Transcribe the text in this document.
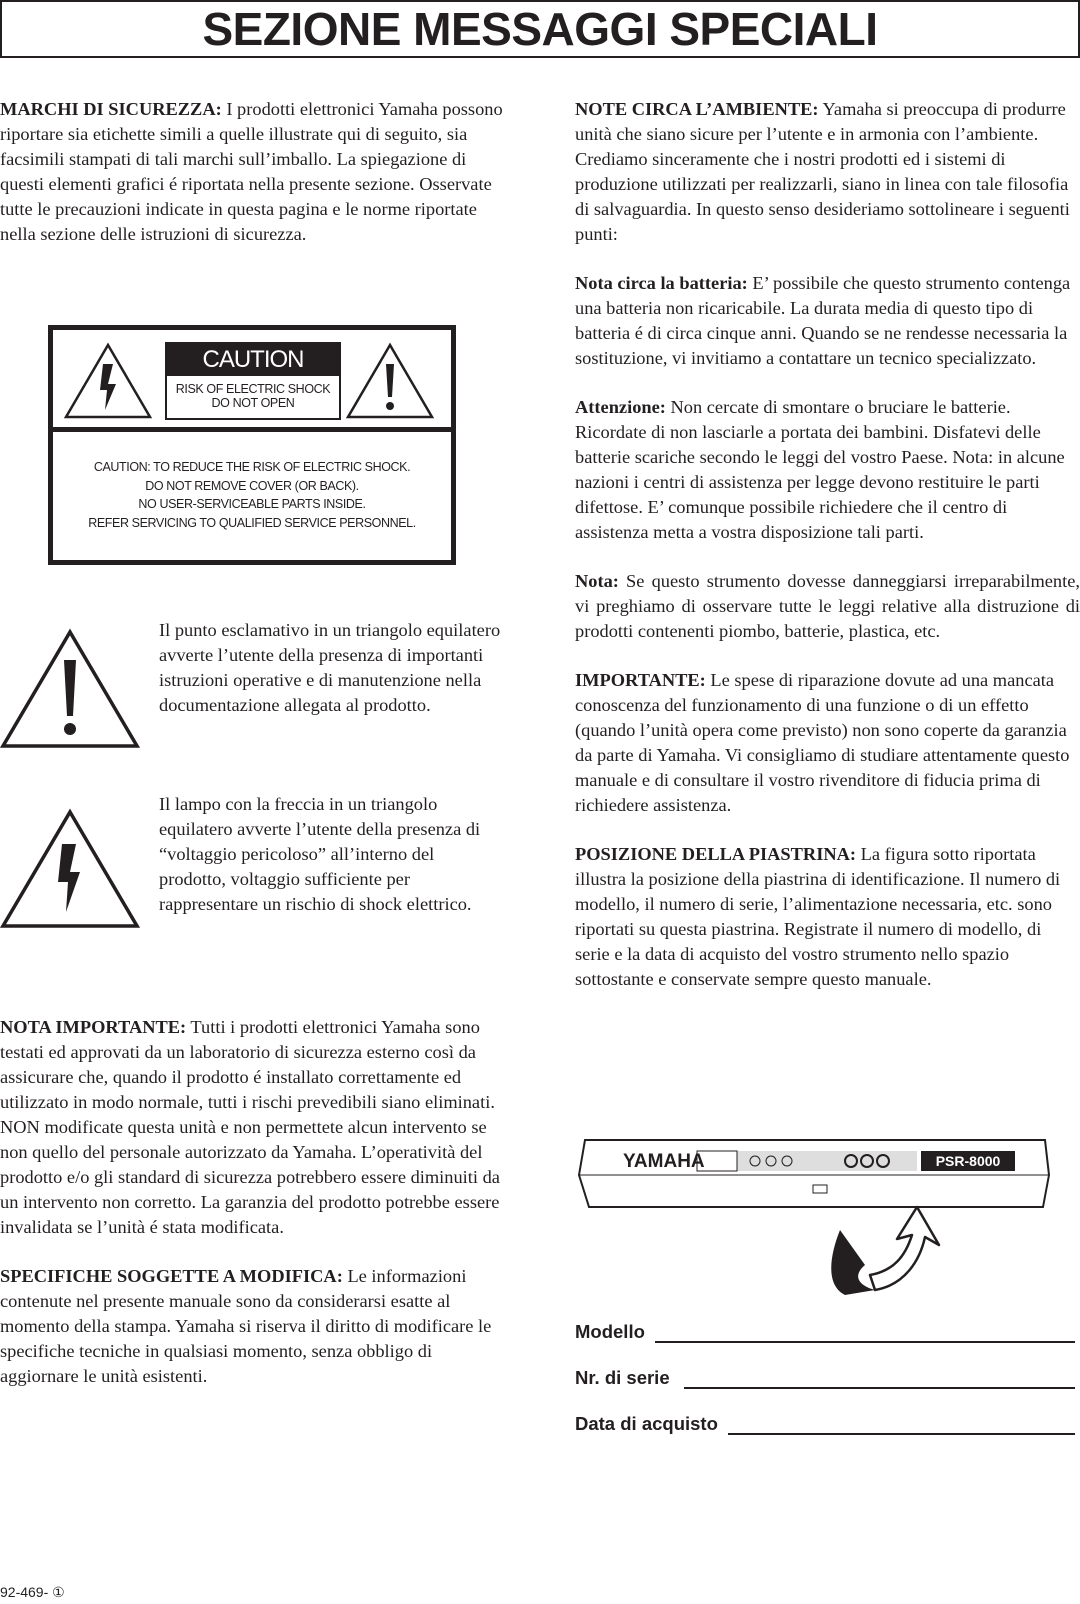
SEZIONE MESSAGGI SPECIALI

MARCHI DI SICUREZZA: I prodotti elettronici Yamaha possono riportare sia etichette simili a quelle illustrate qui di seguito, sia facsimili stampati di tali marchi sull’imballo. La spiegazione di questi elementi grafici é riportata nella presente sezione. Osservate tutte le precauzioni indicate in questa pagina e le norme riportate nella sezione delle istruzioni di sicurezza.

CAUTION
RISK OF ELECTRIC SHOCK
DO NOT OPEN
CAUTION: TO REDUCE THE RISK OF ELECTRIC SHOCK.
DO NOT REMOVE COVER (OR BACK).
NO USER-SERVICEABLE PARTS INSIDE.
REFER SERVICING TO QUALIFIED SERVICE PERSONNEL.

Il punto esclamativo in un triangolo equilatero avverte l’utente della presenza di importanti istruzioni operative e di manutenzione nella documentazione allegata al prodotto.

Il lampo con la freccia in un triangolo equilatero avverte l’utente della presenza di “voltaggio pericoloso” all’interno del prodotto, voltaggio sufficiente per rappresentare un rischio di shock elettrico.

NOTA IMPORTANTE: Tutti i prodotti elettronici Yamaha sono testati ed approvati da un laboratorio di sicurezza esterno così da assicurare che, quando il prodotto é installato correttamente ed utilizzato in modo normale, tutti i rischi prevedibili siano eliminati. NON modificate questa unità e non permettete alcun intervento se non quello del personale autorizzato da Yamaha. L’operatività del prodotto e/o gli standard di sicurezza potrebbero essere diminuiti da un intervento non corretto. La garanzia del prodotto potrebbe essere invalidata se l’unità é stata modificata.

SPECIFICHE SOGGETTE A MODIFICA: Le informazioni contenute nel presente manuale sono da considerarsi esatte al momento della stampa. Yamaha si riserva il diritto di modificare le specifiche tecniche in qualsiasi momento, senza obbligo di aggiornare le unità esistenti.

NOTE CIRCA L’AMBIENTE: Yamaha si preoccupa di produrre unità che siano sicure per l’utente e in armonia con l’ambiente. Crediamo sinceramente che i nostri prodotti ed i sistemi di produzione utilizzati per realizzarli, siano in linea con tale filosofia di salvaguardia. In questo senso desideriamo sottolineare i seguenti punti:

Nota circa la batteria: E’ possibile che questo strumento contenga una batteria non ricaricabile. La durata media di questo tipo di batteria é di circa cinque anni. Quando se ne rendesse necessaria la sostituzione, vi invitiamo a contattare un tecnico specializzato.

Attenzione: Non cercate di smontare o bruciare le batterie. Ricordate di non lasciarle a portata dei bambini. Disfatevi delle batterie scariche secondo le leggi del vostro Paese. Nota: in alcune nazioni i centri di assistenza per legge devono restituire le parti difettose. E’ comunque possibile richiedere che il centro di assistenza metta a vostra disposizione tali parti.

Nota: Se questo strumento dovesse danneggiarsi irreparabilmente, vi preghiamo di osservare tutte le leggi relative alla distruzione di prodotti contenenti piombo, batterie, plastica, etc.

IMPORTANTE: Le spese di riparazione dovute ad una mancata conoscenza del funzionamento di una funzione o di un effetto (quando l’unità opera come previsto) non sono coperte da garanzia da parte di Yamaha. Vi consigliamo di studiare attentamente questo manuale e di consultare il vostro rivenditore di fiducia prima di richiedere assistenza.

POSIZIONE DELLA PIASTRINA: La figura sotto riportata illustra la posizione della piastrina di identificazione. Il numero di modello, il numero di serie, l’alimentazione necessaria, etc. sono riportati su questa piastrina. Registrate il numero di modello, di serie e la data di acquisto del vostro strumento nello spazio sottostante e conservate sempre questo manuale.

YAMAHA	PSR-8000
Modello
Nr. di serie
Data di acquisto
92-469- ①
